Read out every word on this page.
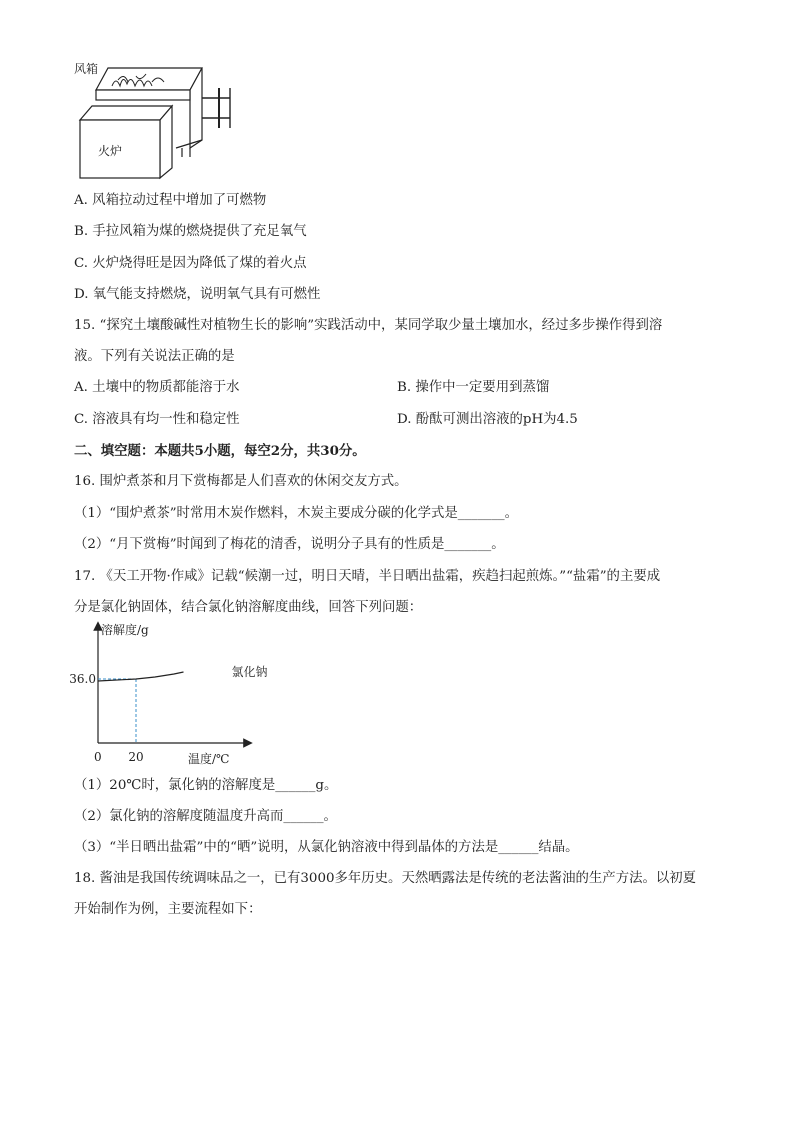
风箱
火炉
A. 风箱拉动过程中增加了可燃物
B. 手拉风箱为煤的燃烧提供了充足氧气
C. 火炉烧得旺是因为降低了煤的着火点
D. 氧气能支持燃烧，说明氧气具有可燃性
15. “探究土壤酸碱性对植物生长的影响”实践活动中，某同学取少量土壤加水，经过多步操作得到溶
液。下列有关说法正确的是
A. 土壤中的物质都能溶于水	B. 操作中一定要用到蒸馏
C. 溶液具有均一性和稳定性	D. 酚酞可测出溶液的pH为4.5
二、填空题：本题共5小题，每空2分，共30分。
16. 围炉煮茶和月下赏梅都是人们喜欢的休闲交友方式。
（1）“围炉煮茶”时常用木炭作燃料，木炭主要成分碳的化学式是_______。
（2）“月下赏梅”时闻到了梅花的清香，说明分子具有的性质是_______。
17. 《天工开物·作咸》记载“候潮一过，明日天晴，半日晒出盐霜，疾趋扫起煎炼。”“盐霜”的主要成
分是氯化钠固体，结合氯化钠溶解度曲线，回答下列问题：
溶解度/g
温度/℃
0 20
36.0	氯化钠
（1）20℃时，氯化钠的溶解度是______g。
（2）氯化钠的溶解度随温度升高而______。
（3）“半日晒出盐霜”中的“晒”说明，从氯化钠溶液中得到晶体的方法是______结晶。
18. 酱油是我国传统调味品之一，已有3000多年历史。天然晒露法是传统的老法酱油的生产方法。以初夏
开始制作为例，主要流程如下：
